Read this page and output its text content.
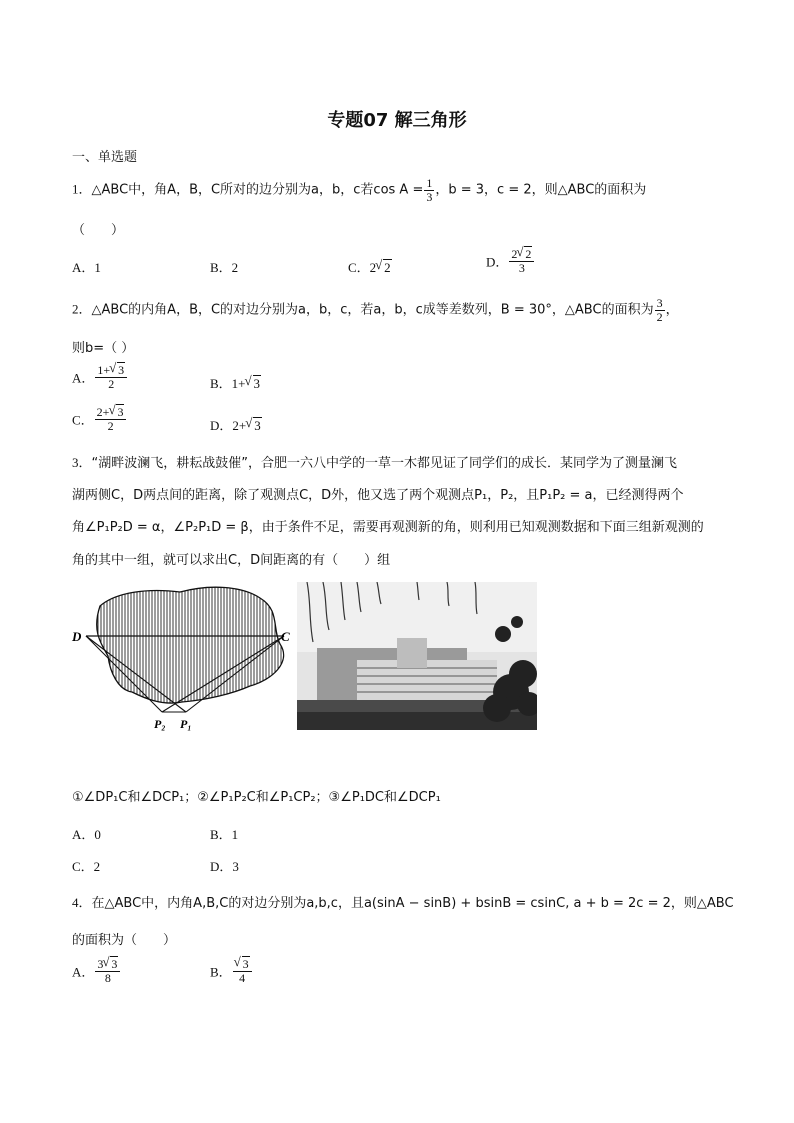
专题07 解三角形
一、单选题
1．△ABC中，角A，B，C所对的边分别为a，b，c若$\cos A = \frac{1}{3}$ ，b = 3，c = 2，则△ABC的面积为
（　　）
A．1	B．2	C．2 √ 2	D． $\frac{2 √ 2}{3}$
2．△ABC的内角A，B，C的对边分别为a，b，c，若a，b，c成等差数列，B = 30°，△ABC的面积为 $\frac{3}{2}$ ，
则b=（ ）
A． $\frac{1+ √ 3}{2}$	B．1+ √ 3
C． $\frac{2+ √ 3}{2}$	D．2+ √ 3
3．“湖畔波澜飞，耕耘战鼓催”，合肥一六八中学的一草一木都见证了同学们的成长．某同学为了测量澜飞
湖两侧C，D两点间的距离，除了观测点C，D外，他又选了两个观测点P₁，P₂，且P₁P₂ = a，已经测得两个
角∠P₁P₂D = α，∠P₂P₁D = β，由于条件不足，需要再观测新的角，则利用已知观测数据和下面三组新观测的
角的其中一组，就可以求出C，D间距离的有（　　）组
D	C
P₂ P₁
①∠DP₁C和∠DCP₁；②∠P₁P₂C和∠P₁CP₂；③∠P₁DC和∠DCP₁
A．0	B．1
C．2	D．3
4．在△ABC中，内角A,B,C的对边分别为a,b,c，且a(sinA − sinB) + bsinB = csinC, a + b = 2c = 2，则△ABC
的面积为（　　）
A． $\frac{3 √ 3}{8}$	B． √ $\frac{3}{4}$
